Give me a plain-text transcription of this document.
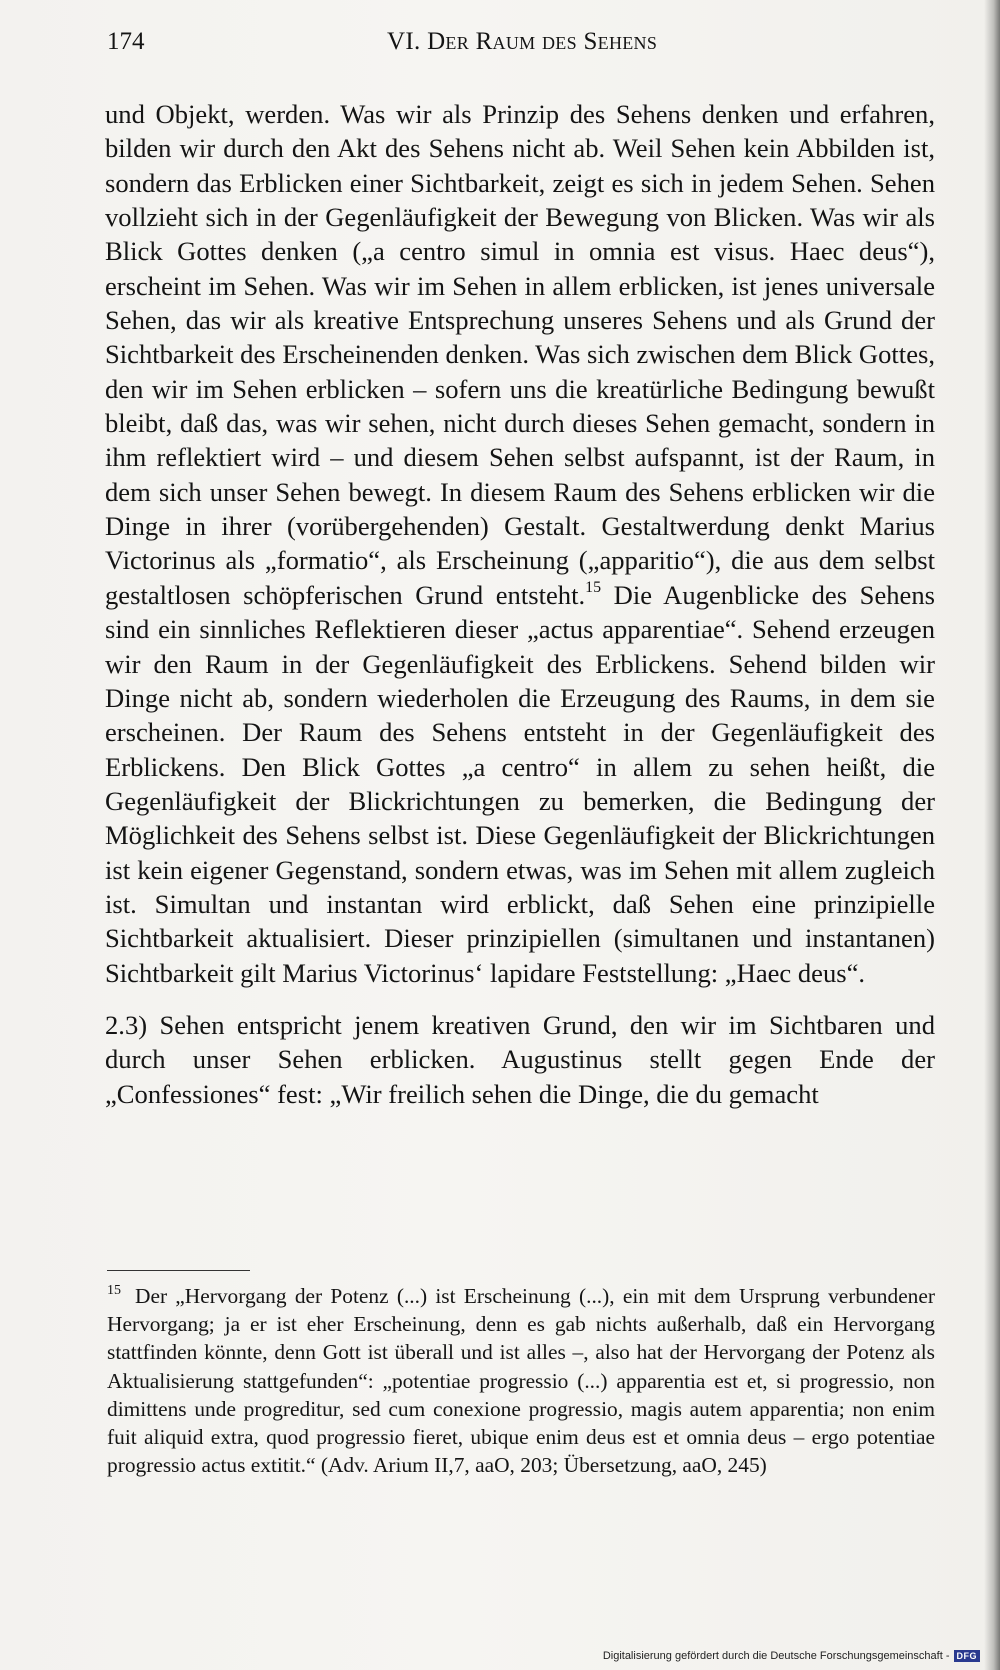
174	VI. Der Raum des Sehens

und Objekt, werden. Was wir als Prinzip des Sehens denken und erfahren, bilden wir durch den Akt des Sehens nicht ab. Weil Sehen kein Abbilden ist, sondern das Erblicken einer Sichtbarkeit, zeigt es sich in jedem Sehen. Sehen vollzieht sich in der Gegenläufigkeit der Bewegung von Blicken. Was wir als Blick Gottes denken („a centro simul in omnia est visus. Haec deus“), erscheint im Sehen. Was wir im Sehen in allem erblicken, ist jenes universale Sehen, das wir als kreative Entsprechung unseres Sehens und als Grund der Sichtbarkeit des Erscheinenden denken. Was sich zwischen dem Blick Gottes, den wir im Sehen erblicken – sofern uns die kreatürliche Bedingung bewußt bleibt, daß das, was wir sehen, nicht durch dieses Sehen gemacht, sondern in ihm reflektiert wird – und diesem Sehen selbst aufspannt, ist der Raum, in dem sich unser Sehen bewegt. In diesem Raum des Sehens erblicken wir die Dinge in ihrer (vorübergehenden) Gestalt. Gestaltwerdung denkt Marius Victorinus als „formatio“, als Erscheinung („apparitio“), die aus dem selbst gestaltlosen schöpferischen Grund entsteht.$^{15}$ Die Augenblicke des Sehens sind ein sinnliches Reflektieren dieser „actus apparentiae“. Sehend erzeugen wir den Raum in der Gegenläufigkeit des Erblickens. Sehend bilden wir Dinge nicht ab, sondern wiederholen die Erzeugung des Raums, in dem sie erscheinen. Der Raum des Sehens entsteht in der Gegenläufigkeit des Erblickens. Den Blick Gottes „a centro“ in allem zu sehen heißt, die Gegenläufigkeit der Blickrichtungen zu bemerken, die Bedingung der Möglichkeit des Sehens selbst ist. Diese Gegenläufigkeit der Blickrichtungen ist kein eigener Gegenstand, sondern etwas, was im Sehen mit allem zugleich ist. Simultan und instantan wird erblickt, daß Sehen eine prinzipielle Sichtbarkeit aktualisiert. Dieser prinzipiellen (simultanen und instantanen) Sichtbarkeit gilt Marius Victorinus‘ lapidare Feststellung: „Haec deus“.

2.3) Sehen entspricht jenem kreativen Grund, den wir im Sichtbaren und durch unser Sehen erblicken. Augustinus stellt gegen Ende der „Confessiones“ fest: „Wir freilich sehen die Dinge, die du gemacht

15 Der „Hervorgang der Potenz (...) ist Erscheinung (...), ein mit dem Ursprung verbundener Hervorgang; ja er ist eher Erscheinung, denn es gab nichts außerhalb, daß ein Hervorgang stattfinden könnte, denn Gott ist überall und ist alles –, also hat der Hervorgang der Potenz als Aktualisierung stattgefunden“: „potentiae progressio (...) apparentia est et, si progressio, non dimittens unde progreditur, sed cum conexione progressio, magis autem apparentia; non enim fuit aliquid extra, quod progressio fieret, ubique enim deus est et omnia deus – ergo potentiae progressio actus extitit.“ (Adv. Arium II,7, aaO, 203; Übersetzung, aaO, 245)

Digitalisierung gefördert durch die Deutsche Forschungsgemeinschaft - DFG
